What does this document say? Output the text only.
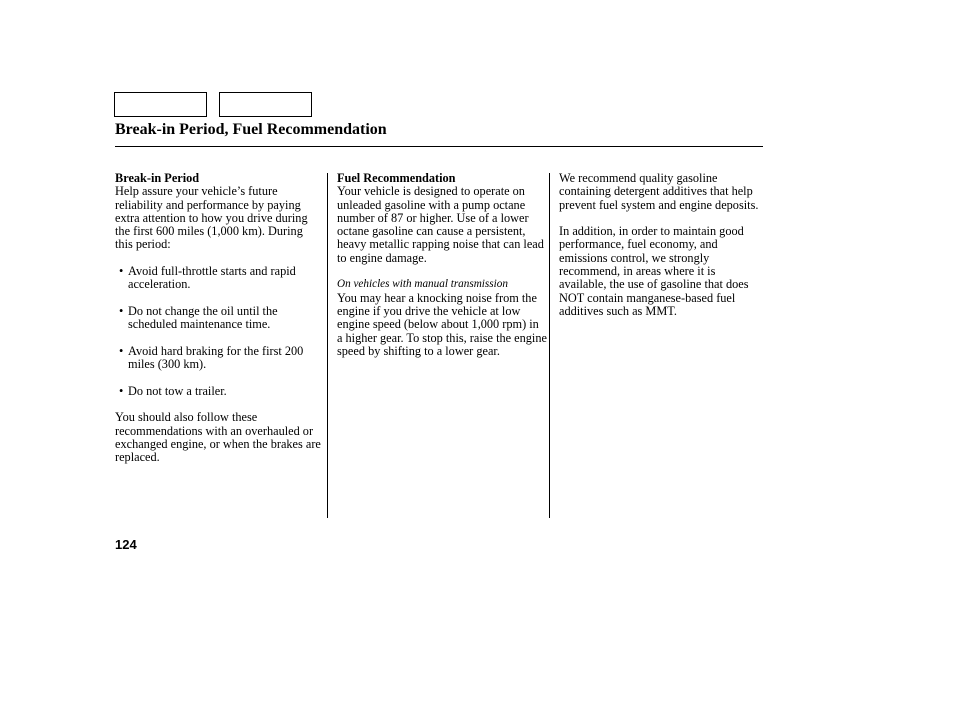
Break-in Period, Fuel Recommendation

Break-in Period

Help assure your vehicle’s future reliability and performance by paying extra attention to how you drive during the first 600 miles (1,000 km). During this period:

• Avoid full-throttle starts and rapid acceleration.
• Do not change the oil until the scheduled maintenance time.
• Avoid hard braking for the first 200 miles (300 km).
• Do not tow a trailer.

You should also follow these recommendations with an overhauled or exchanged engine, or when the brakes are replaced.

Fuel Recommendation

Your vehicle is designed to operate on unleaded gasoline with a pump octane number of 87 or higher. Use of a lower octane gasoline can cause a persistent, heavy metallic rapping noise that can lead to engine damage.

On vehicles with manual transmission

You may hear a knocking noise from the engine if you drive the vehicle at low engine speed (below about 1,000 rpm) in a higher gear. To stop this, raise the engine speed by shifting to a lower gear.

We recommend quality gasoline containing detergent additives that help prevent fuel system and engine deposits.

In addition, in order to maintain good performance, fuel economy, and emissions control, we strongly recommend, in areas where it is available, the use of gasoline that does NOT contain manganese-based fuel additives such as MMT.

124
